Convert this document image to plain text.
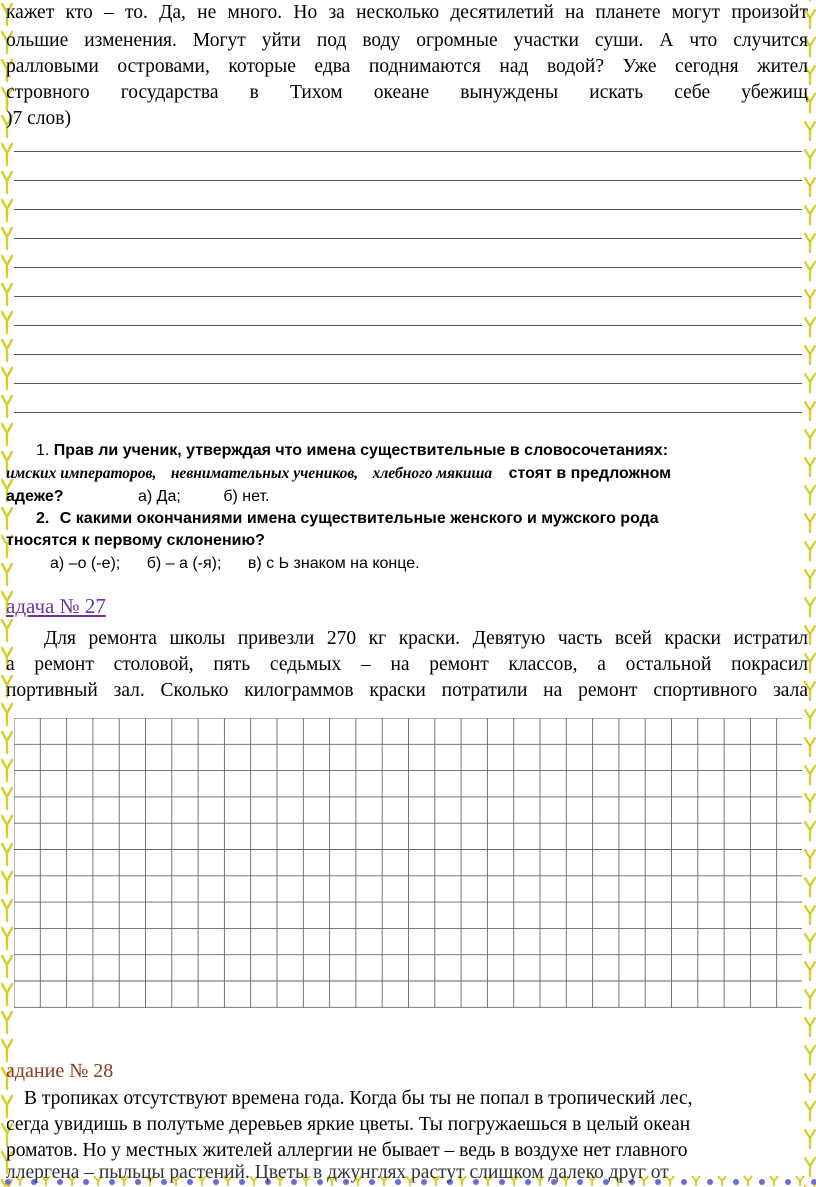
кажет кто – то. Да, не много. Но за несколько десятилетий на планете могут произойт
ольшие изменения. Могут уйти под воду огромные участки суши. А что случится
ралловыми островами, которые едва поднимаются над водой? Уже сегодня жител
стровного государства в Тихом океане вынуждены искать себе убежищ
)7 слов)
1. Прав ли ученик, утверждая что имена существительные в словосочетаниях:
имских императоров, невнимательных учеников, хлебного мякиша стоят в предложном
адеже?	а) Да;	б) нет.
2. С какими окончаниями имена существительные женского и мужского рода
тносятся к первому склонению?
а) –о (-е); б) – а (-я); в) с Ь знаком на конце.
адача № 27
Для ремонта школы привезли 270 кг краски. Девятую часть всей краски истратил
а ремонт столовой, пять седьмых – на ремонт классов, а остальной покрасил
портивный зал. Сколько килограммов краски потратили на ремонт спортивного зала
адание № 28
В тропиках отсутствуют времена года. Когда бы ты не попал в тропический лес,
сегда увидишь в полутьме деревьев яркие цветы. Ты погружаешься в целый океан
роматов. Но у местных жителей аллергии не бывает – ведь в воздухе нет главного
ллергена – пыльцы растений. Цветы в джунглях растут слишком далеко друг от
